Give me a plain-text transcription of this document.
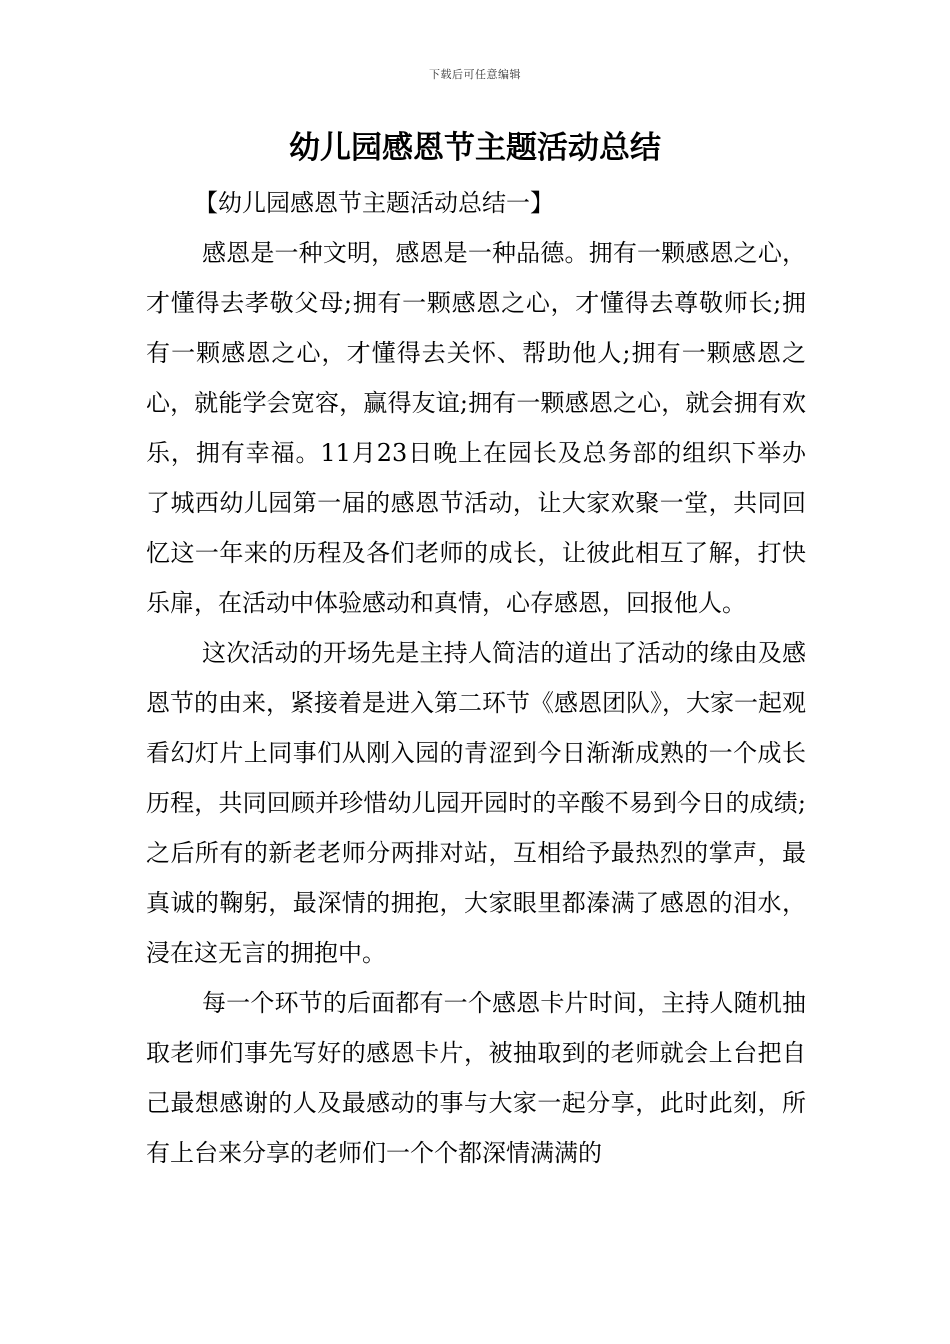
下载后可任意编辑
幼儿园感恩节主题活动总结

【幼儿园感恩节主题活动总结一】

感恩是一种文明，感恩是一种品德。拥有一颗感恩之心，才懂得去孝敬父母;拥有一颗感恩之心，才懂得去尊敬师长;拥有一颗感恩之心，才懂得去关怀、帮助他人;拥有一颗感恩之心，就能学会宽容，赢得友谊;拥有一颗感恩之心，就会拥有欢乐，拥有幸福。11月23日晚上在园长及总务部的组织下举办了城西幼儿园第一届的感恩节活动，让大家欢聚一堂，共同回忆这一年来的历程及各们老师的成长，让彼此相互了解，打快乐扉，在活动中体验感动和真情，心存感恩，回报他人。

这次活动的开场先是主持人简洁的道出了活动的缘由及感恩节的由来，紧接着是进入第二环节《感恩团队》，大家一起观看幻灯片上同事们从刚入园的青涩到今日渐渐成熟的一个成长历程，共同回顾并珍惜幼儿园开园时的辛酸不易到今日的成绩;之后所有的新老老师分两排对站，互相给予最热烈的掌声，最真诚的鞠躬，最深情的拥抱，大家眼里都溱满了感恩的泪水，浸在这无言的拥抱中。

每一个环节的后面都有一个感恩卡片时间，主持人随机抽取老师们事先写好的感恩卡片，被抽取到的老师就会上台把自己最想感谢的人及最感动的事与大家一起分享，此时此刻，所有上台来分享的老师们一个个都深情满满的
